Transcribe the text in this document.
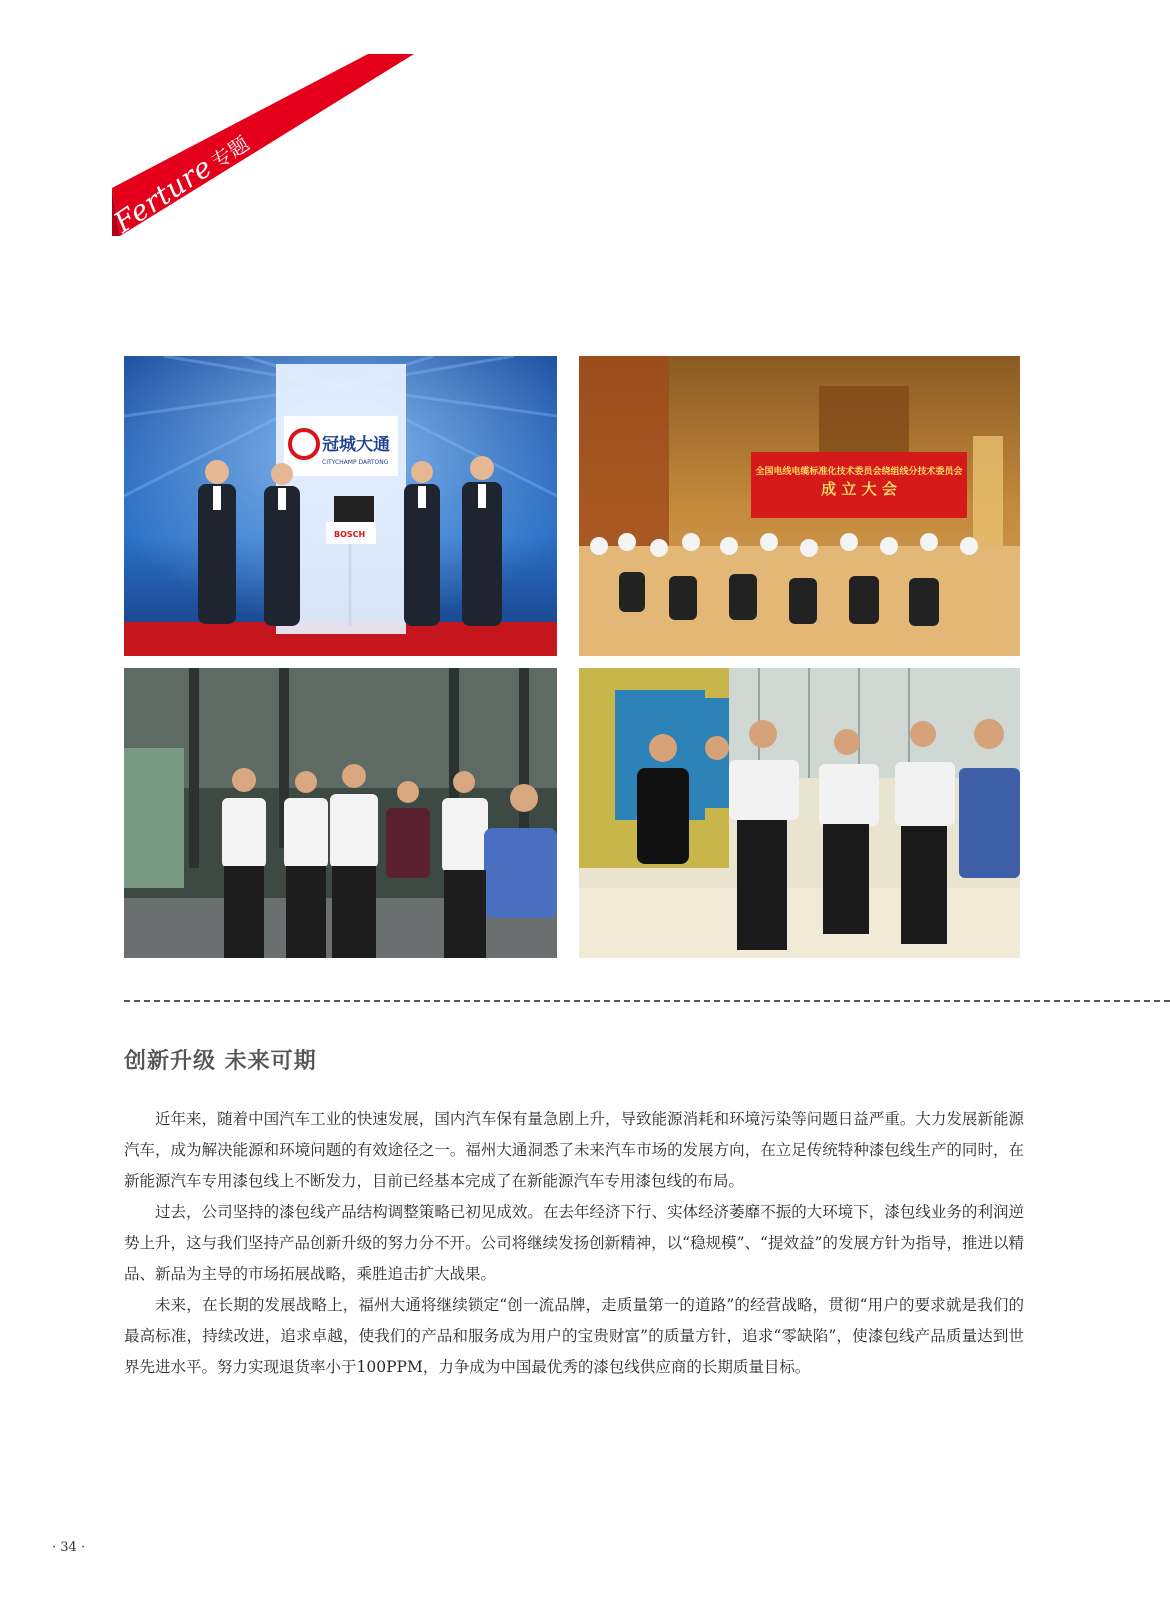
Ferture专题
冠城大通
CITYCHAMP DARTONG
BOSCH
全国电线电缆标准化技术委员会绕组线分技术委员会
成 立 大 会
创新升级 未来可期

近年来，随着中国汽车工业的快速发展，国内汽车保有量急剧上升，导致能源消耗和环境污染等问题日益严重。大力发展新能源汽车，成为解决能源和环境问题的有效途径之一。福州大通洞悉了未来汽车市场的发展方向，在立足传统特种漆包线生产的同时，在新能源汽车专用漆包线上不断发力，目前已经基本完成了在新能源汽车专用漆包线的布局。

过去，公司坚持的漆包线产品结构调整策略已初见成效。在去年经济下行、实体经济萎靡不振的大环境下，漆包线业务的利润逆势上升，这与我们坚持产品创新升级的努力分不开。公司将继续发扬创新精神，以“稳规模”、“提效益”的发展方针为指导，推进以精品、新品为主导的市场拓展战略，乘胜追击扩大战果。

未来，在长期的发展战略上，福州大通将继续锁定“创一流品牌，走质量第一的道路”的经营战略，贯彻“用户的要求就是我们的最高标准，持续改进，追求卓越，使我们的产品和服务成为用户的宝贵财富”的质量方针，追求“零缺陷”，使漆包线产品质量达到世界先进水平。努力实现退货率小于100PPM，力争成为中国最优秀的漆包线供应商的长期质量目标。

· 34 ·
